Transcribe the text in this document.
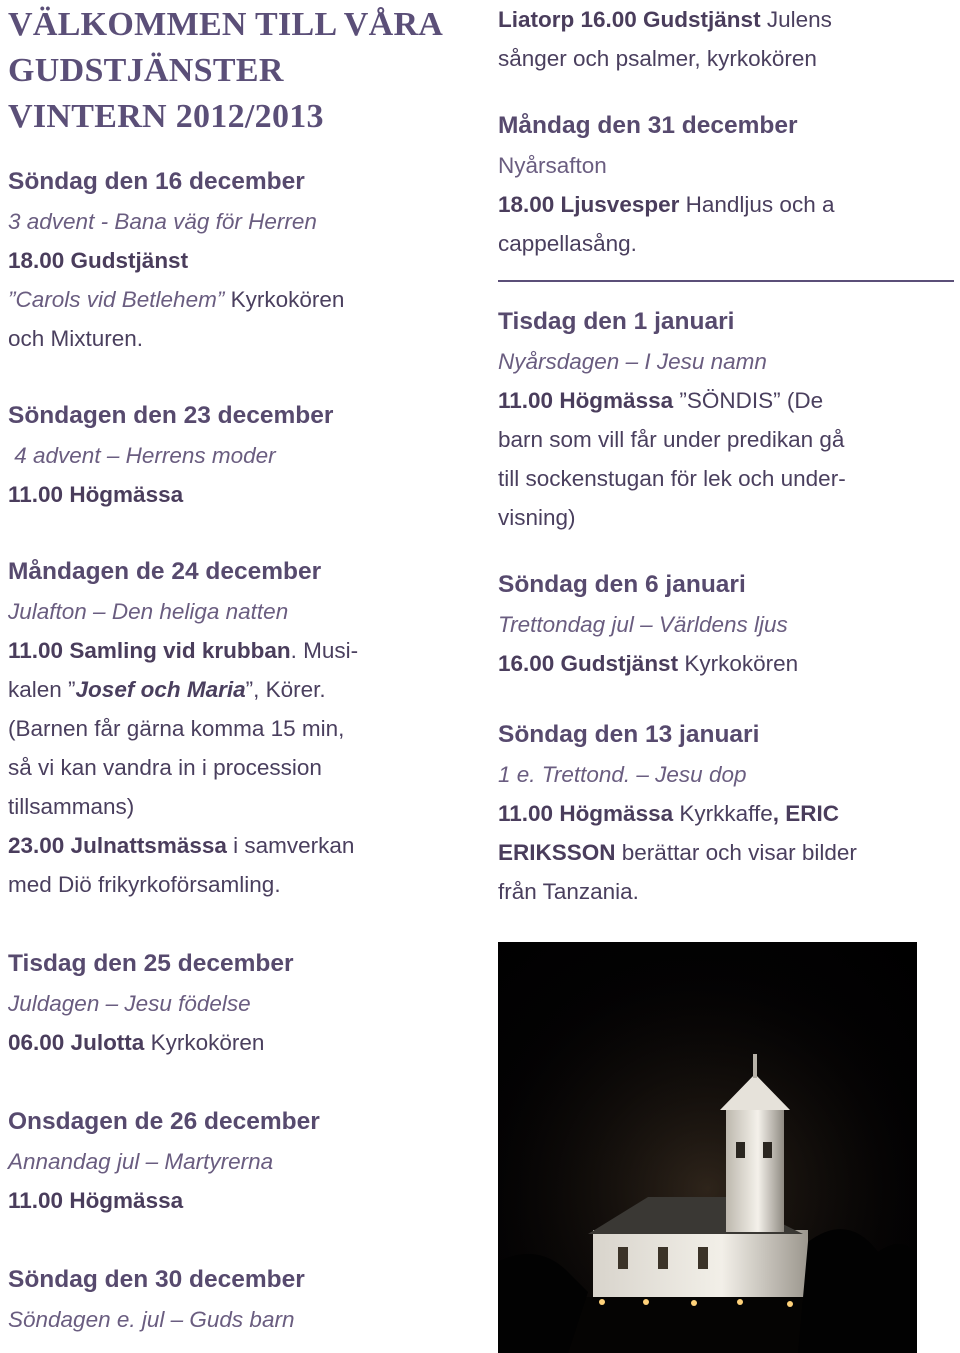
VÄLKOMMEN TILL VÅRA
GUDSTJÄNSTER
VINTERN 2012/2013
Söndag den 16 december
3 advent - Bana väg för Herren
18.00 Gudstjänst
”Carols vid Betlehem” Kyrkokören
och Mixturen.
Söndagen den 23 december
4 advent – Herrens moder
11.00 Högmässa
Måndagen de 24 december
Julafton – Den heliga natten
11.00 Samling vid krubban. Musi-
kalen ”Josef och Maria”, Körer.
(Barnen får gärna komma 15 min,
så vi kan vandra in i procession
tillsammans)
23.00 Julnattsmässa i samverkan
med Diö frikyrkoförsamling.
Tisdag den 25 december
Juldagen – Jesu födelse
06.00 Julotta Kyrkokören
Onsdagen de 26 december
Annandag jul – Martyrerna
11.00 Högmässa
Söndag den 30 december
Söndagen e. jul – Guds barn
Liatorp 16.00 Gudstjänst Julens
sånger och psalmer, kyrkokören
Måndag den 31 december
Nyårsafton
18.00 Ljusvesper Handljus och a
cappellasång.
Tisdag den 1 januari
Nyårsdagen – I Jesu namn
11.00 Högmässa ”SÖNDIS” (De
barn som vill får under predikan gå
till sockenstugan för lek och under-
visning)
Söndag den 6 januari
Trettondag jul – Världens ljus
16.00 Gudstjänst Kyrkokören
Söndag den 13 januari
1 e. Trettond. – Jesu dop
11.00 Högmässa Kyrkkaffe, ERIC
ERIKSSON berättar och visar bilder
från Tanzania.
